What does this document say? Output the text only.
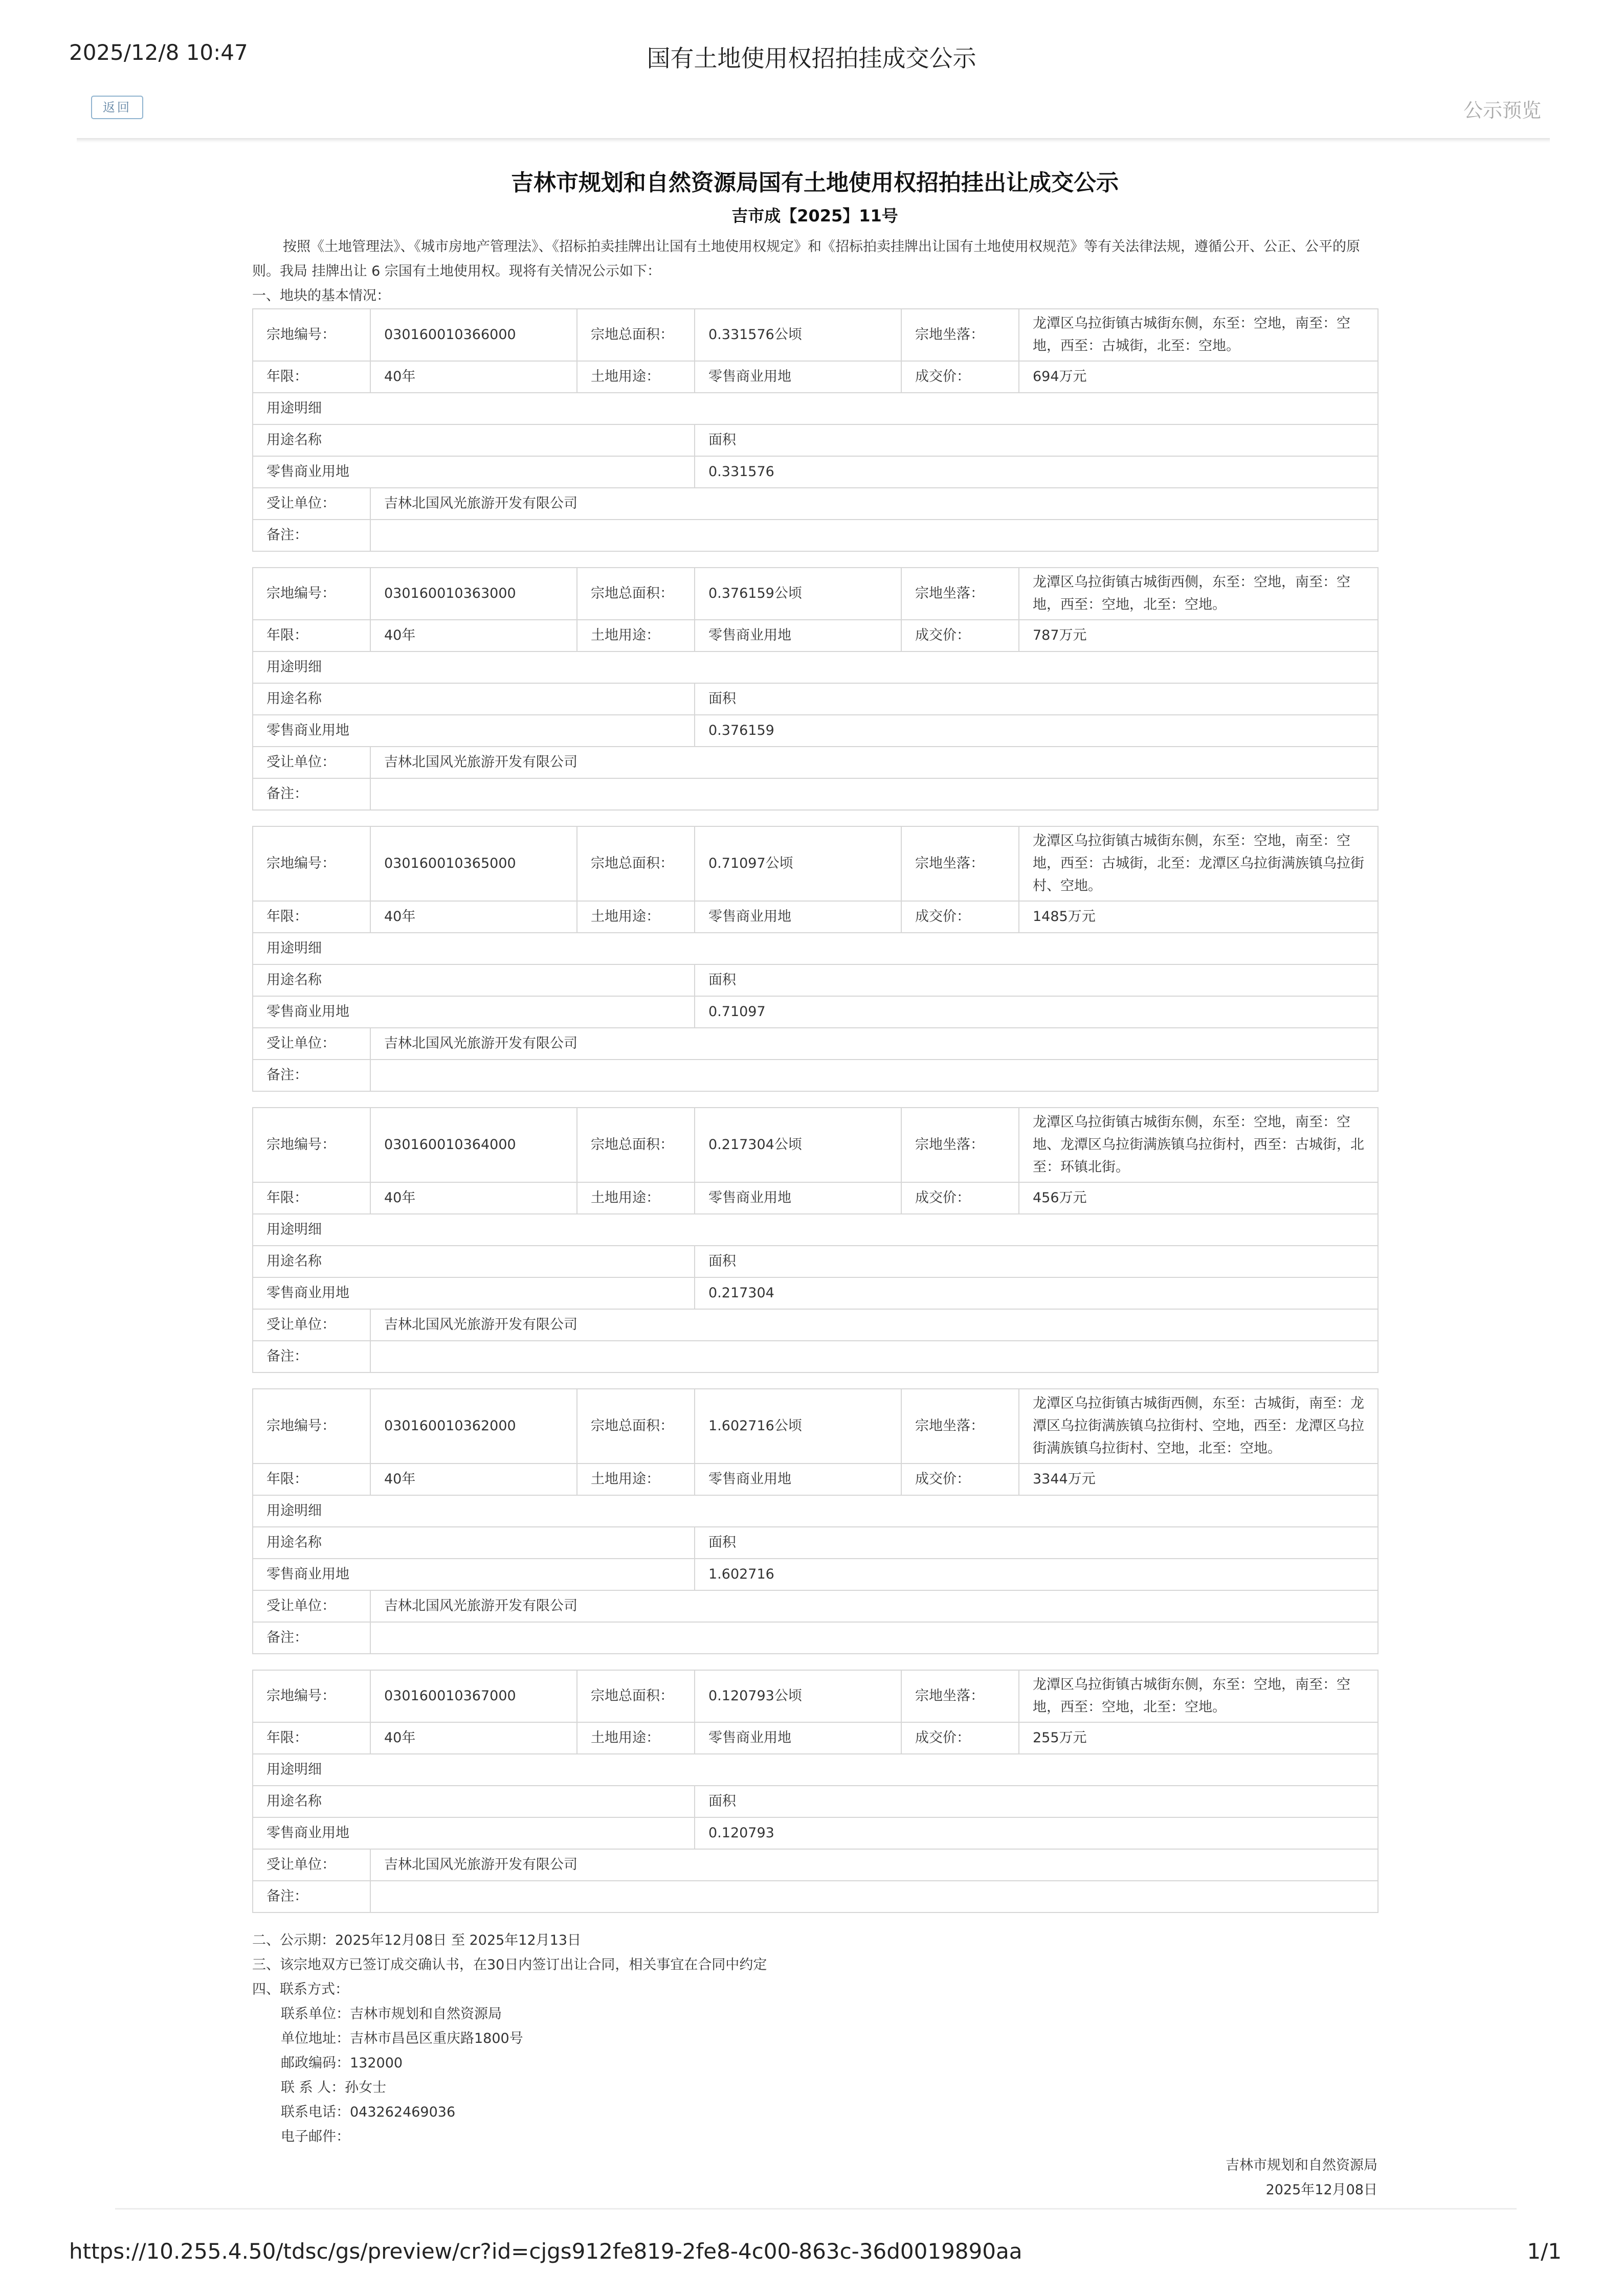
2025/12/8 10:47	国有土地使用权招拍挂成交公示
返回	公示预览
吉林市规划和自然资源局国有土地使用权招拍挂出让成交公示
吉市成【2025】11号
按照《土地管理法》、《城市房地产管理法》、《招标拍卖挂牌出让国有土地使用权规定》和《招标拍卖挂牌出让国有土地使用权规范》等有关法律法规，遵循公开、公正、公平的原则。我局 挂牌出让 6 宗国有土地使用权。现将有关情况公示如下：
一、地块的基本情况：
宗地编号：	030160010366000	宗地总面积：	0.331576公顷	宗地坐落：	龙潭区乌拉街镇古城街东侧，东至：空地，南至：空地，西至：古城街，北至：空地。
年限：	40年	土地用途：	零售商业用地	成交价：	694万元
用途明细
用途名称	面积
零售商业用地	0.331576
受让单位：	吉林北国风光旅游开发有限公司
备注：	
宗地编号：	030160010363000	宗地总面积：	0.376159公顷	宗地坐落：	龙潭区乌拉街镇古城街西侧，东至：空地，南至：空地，西至：空地，北至：空地。
年限：	40年	土地用途：	零售商业用地	成交价：	787万元
用途明细
用途名称	面积
零售商业用地	0.376159
受让单位：	吉林北国风光旅游开发有限公司
备注：	
宗地编号：	030160010365000	宗地总面积：	0.71097公顷	宗地坐落：	龙潭区乌拉街镇古城街东侧，东至：空地，南至：空地，西至：古城街，北至：龙潭区乌拉街满族镇乌拉街村、空地。
年限：	40年	土地用途：	零售商业用地	成交价：	1485万元
用途明细
用途名称	面积
零售商业用地	0.71097
受让单位：	吉林北国风光旅游开发有限公司
备注：	
宗地编号：	030160010364000	宗地总面积：	0.217304公顷	宗地坐落：	龙潭区乌拉街镇古城街东侧，东至：空地，南至：空地、龙潭区乌拉街满族镇乌拉街村，西至：古城街，北至：环镇北街。
年限：	40年	土地用途：	零售商业用地	成交价：	456万元
用途明细
用途名称	面积
零售商业用地	0.217304
受让单位：	吉林北国风光旅游开发有限公司
备注：	
宗地编号：	030160010362000	宗地总面积：	1.602716公顷	宗地坐落：	龙潭区乌拉街镇古城街西侧，东至：古城街，南至：龙潭区乌拉街满族镇乌拉街村、空地，西至：龙潭区乌拉街满族镇乌拉街村、空地，北至：空地。
年限：	40年	土地用途：	零售商业用地	成交价：	3344万元
用途明细
用途名称	面积
零售商业用地	1.602716
受让单位：	吉林北国风光旅游开发有限公司
备注：	
宗地编号：	030160010367000	宗地总面积：	0.120793公顷	宗地坐落：	龙潭区乌拉街镇古城街东侧，东至：空地，南至：空地，西至：空地，北至：空地。
年限：	40年	土地用途：	零售商业用地	成交价：	255万元
用途明细
用途名称	面积
零售商业用地	0.120793
受让单位：	吉林北国风光旅游开发有限公司
备注：	
二、公示期：2025年12月08日 至 2025年12月13日
三、该宗地双方已签订成交确认书，在30日内签订出让合同，相关事宜在合同中约定
四、联系方式：
联系单位：吉林市规划和自然资源局
单位地址：吉林市昌邑区重庆路1800号
邮政编码：132000
联 系 人：孙女士
联系电话：043262469036
电子邮件：
吉林市规划和自然资源局
2025年12月08日
https://10.255.4.50/tdsc/gs/preview/cr?id=cjgs912fe819-2fe8-4c00-863c-36d0019890aa	1/1
